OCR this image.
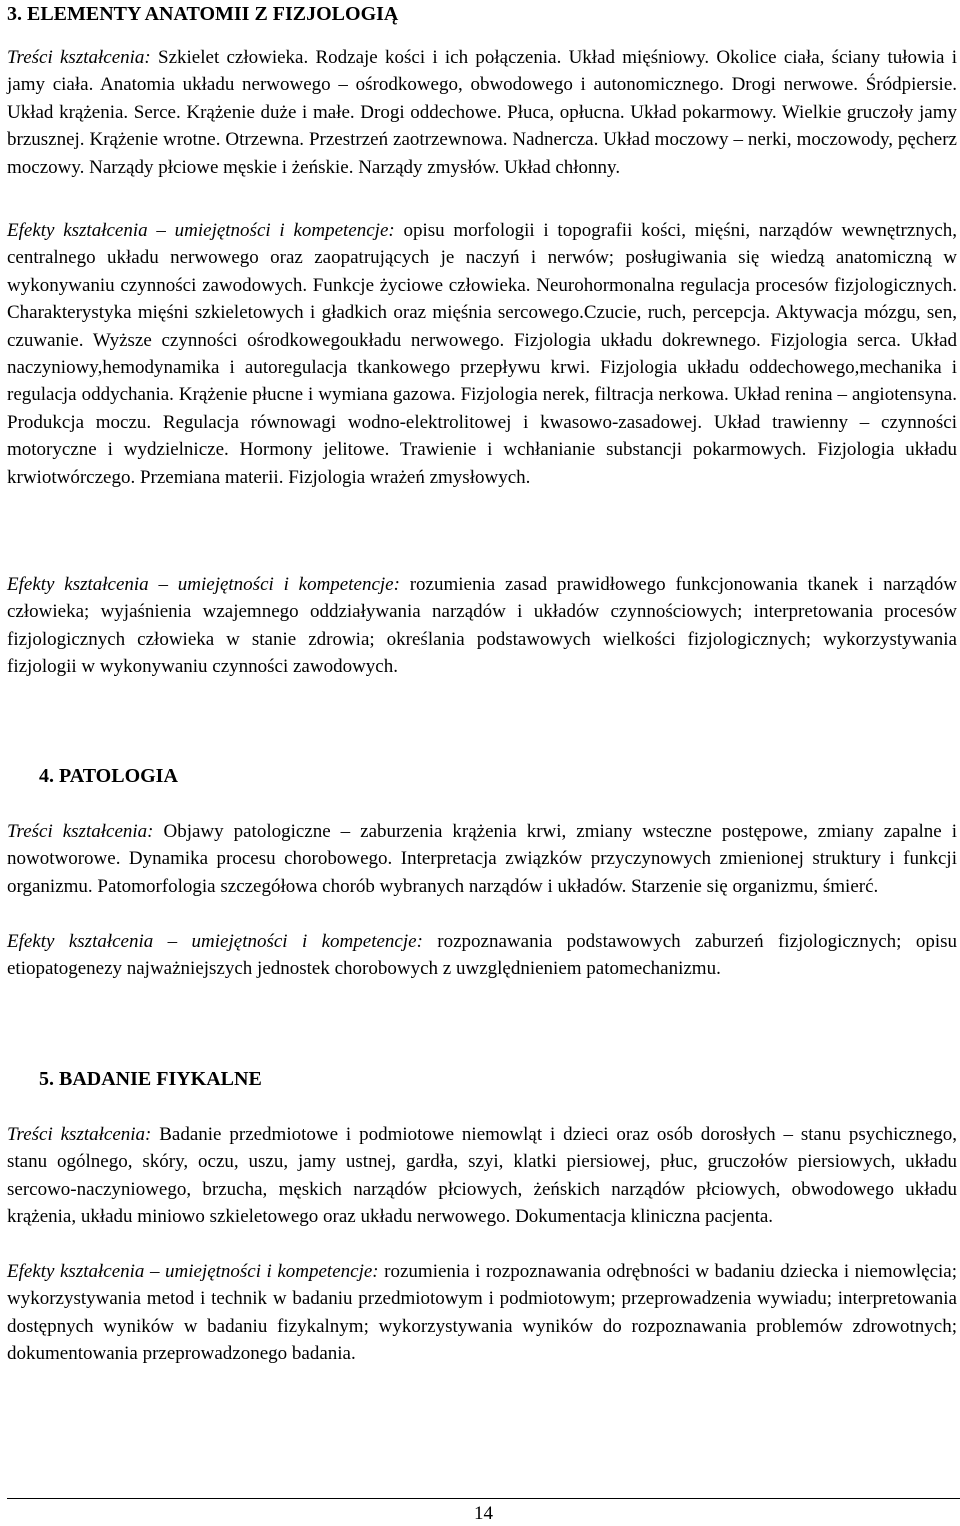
3. ELEMENTY ANATOMII Z FIZJOLOGIĄ

Treści kształcenia: Szkielet człowieka. Rodzaje kości i ich połączenia. Układ mięśniowy. Okolice ciała, ściany tułowia i jamy ciała. Anatomia układu nerwowego – ośrodkowego, obwodowego i autonomicznego. Drogi nerwowe. Śródpiersie. Układ krążenia. Serce. Krążenie duże i małe. Drogi oddechowe. Płuca, opłucna. Układ pokarmowy. Wielkie gruczoły jamy brzusznej. Krążenie wrotne. Otrzewna. Przestrzeń zaotrzewnowa. Nadnercza. Układ moczowy – nerki, moczowody, pęcherz moczowy. Narządy płciowe męskie i żeńskie. Narządy zmysłów. Układ chłonny.

Efekty kształcenia – umiejętności i kompetencje: opisu morfologii i topografii kości, mięśni, narządów wewnętrznych, centralnego układu nerwowego oraz zaopatrujących je naczyń i nerwów; posługiwania się wiedzą anatomiczną w wykonywaniu czynności zawodowych. Funkcje życiowe człowieka. Neurohormonalna regulacja procesów fizjologicznych. Charakterystyka mięśni szkieletowych i gładkich oraz mięśnia sercowego.Czucie, ruch, percepcja. Aktywacja mózgu, sen, czuwanie. Wyższe czynności ośrodkowegoukładu nerwowego. Fizjologia układu dokrewnego. Fizjologia serca. Układ naczyniowy,hemodynamika i autoregulacja tkankowego przepływu krwi. Fizjologia układu oddechowego,mechanika i regulacja oddychania. Krążenie płucne i wymiana gazowa. Fizjologia nerek, filtracja nerkowa. Układ renina – angiotensyna. Produkcja moczu. Regulacja równowagi wodno-elektrolitowej i kwasowo-zasadowej. Układ trawienny – czynności motoryczne i wydzielnicze. Hormony jelitowe. Trawienie i wchłanianie substancji pokarmowych. Fizjologia układu krwiotwórczego. Przemiana materii. Fizjologia wrażeń zmysłowych.

Efekty kształcenia – umiejętności i kompetencje: rozumienia zasad prawidłowego funkcjonowania tkanek i narządów człowieka; wyjaśnienia wzajemnego oddziaływania narządów i układów czynnościowych; interpretowania procesów fizjologicznych człowieka w stanie zdrowia; określania podstawowych wielkości fizjologicznych; wykorzystywania fizjologii w wykonywaniu czynności zawodowych.

4. PATOLOGIA

Treści kształcenia: Objawy patologiczne – zaburzenia krążenia krwi, zmiany wsteczne postępowe, zmiany zapalne i nowotworowe. Dynamika procesu chorobowego. Interpretacja związków przyczynowych zmienionej struktury i funkcji organizmu. Patomorfologia szczegółowa chorób wybranych narządów i układów. Starzenie się organizmu, śmierć.

Efekty kształcenia – umiejętności i kompetencje: rozpoznawania podstawowych zaburzeń fizjologicznych; opisu etiopatogenezy najważniejszych jednostek chorobowych z uwzględnieniem patomechanizmu.

5. BADANIE FIYKALNE

Treści kształcenia: Badanie przedmiotowe i podmiotowe niemowląt i dzieci oraz osób dorosłych – stanu psychicznego, stanu ogólnego, skóry, oczu, uszu, jamy ustnej, gardła, szyi, klatki piersiowej, płuc, gruczołów piersiowych, układu sercowo-naczyniowego, brzucha, męskich narządów płciowych, żeńskich narządów płciowych, obwodowego układu krążenia, układu miniowo szkieletowego oraz układu nerwowego. Dokumentacja kliniczna pacjenta.

Efekty kształcenia – umiejętności i kompetencje: rozumienia i rozpoznawania odrębności w badaniu dziecka i niemowlęcia; wykorzystywania metod i technik w badaniu przedmiotowym i podmiotowym; przeprowadzenia wywiadu; interpretowania dostępnych wyników w badaniu fizykalnym; wykorzystywania wyników do rozpoznawania problemów zdrowotnych; dokumentowania przeprowadzonego badania.

14
